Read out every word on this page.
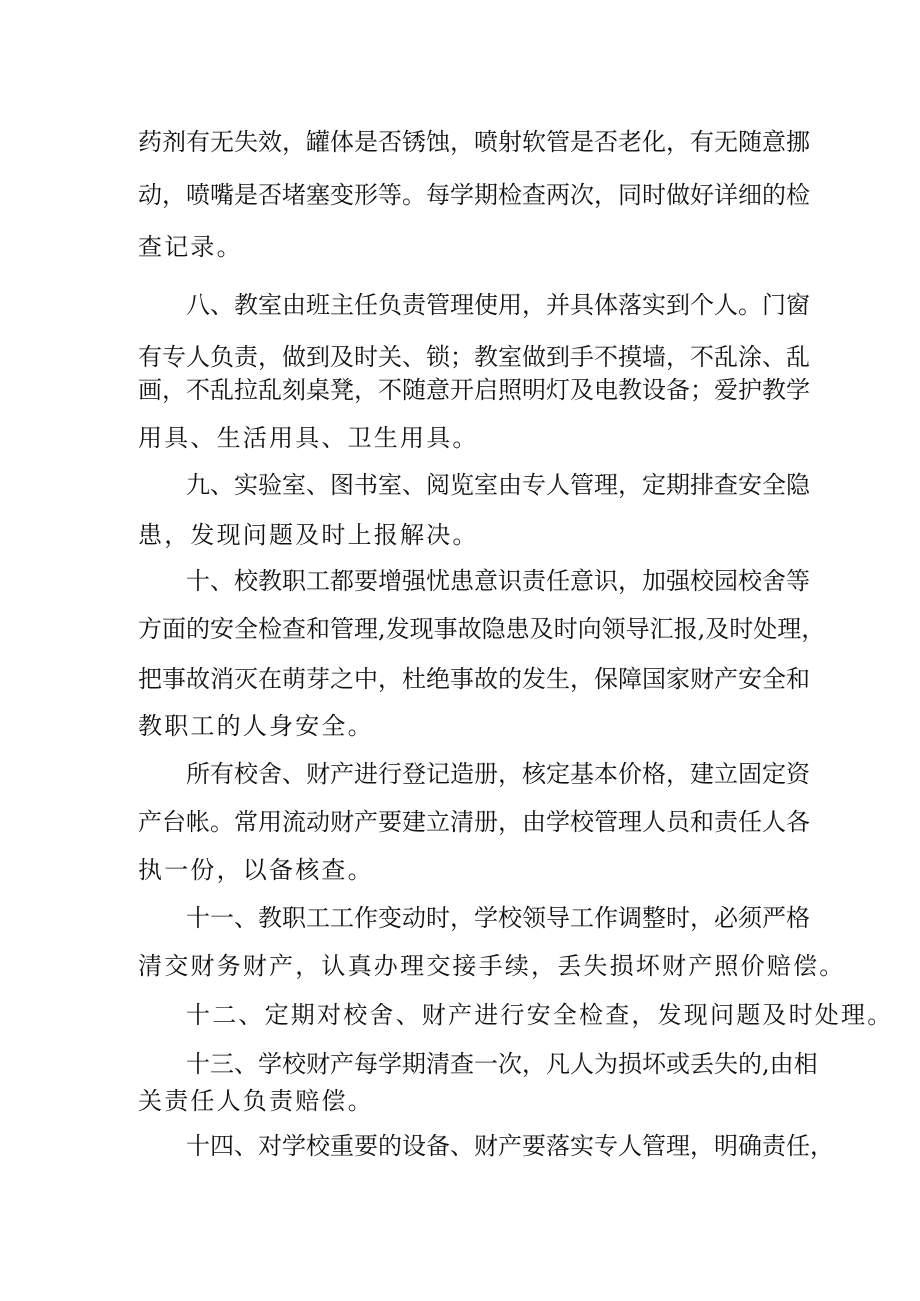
药剂有无失效，罐体是否锈蚀，喷射软管是否老化，有无随意挪
动，喷嘴是否堵塞变形等。每学期检查两次，同时做好详细的检
查记录。
八、教室由班主任负责管理使用，并具体落实到个人。门窗
有专人负责，做到及时关、锁；教室做到手不摸墙，不乱涂、乱
画，不乱拉乱刻桌凳，不随意开启照明灯及电教设备；爱护教学
用具、生活用具、卫生用具。
九、实验室、图书室、阅览室由专人管理，定期排查安全隐
患，发现问题及时上报解决。
十、校教职工都要增强忧患意识责任意识，加强校园校舍等
方面的安全检查和管理,发现事故隐患及时向领导汇报,及时处理，
把事故消灭在萌芽之中，杜绝事故的发生，保障国家财产安全和
教职工的人身安全。
所有校舍、财产进行登记造册，核定基本价格，建立固定资
产台帐。常用流动财产要建立清册，由学校管理人员和责任人各
执一份，以备核查。
十一、教职工工作变动时，学校领导工作调整时，必须严格
清交财务财产，认真办理交接手续，丢失损坏财产照价赔偿。
十二、定期对校舍、财产进行安全检查，发现问题及时处理。
十三、学校财产每学期清查一次，凡人为损坏或丢失的,由相
关责任人负责赔偿。
十四、对学校重要的设备、财产要落实专人管理，明确责任，
